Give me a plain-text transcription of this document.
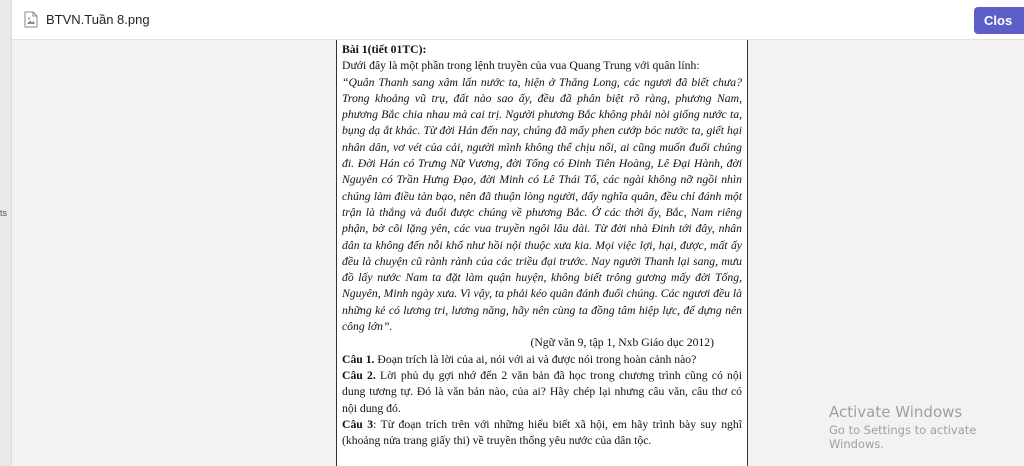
ts
BTVN.Tuần 8.png	Clos

Bài 1(tiết 01TC):

Dưới đây là một phần trong lệnh truyền của vua Quang Trung với quân lính:

“Quân Thanh sang xâm lấn nước ta, hiện ở Thăng Long, các ngươi đã biết chưa? Trong khoảng vũ trụ, đất nào sao ấy, đều đã phân biệt rõ ràng, phương Nam, phương Bắc chia nhau mà cai trị. Người phương Bắc không phải nòi giống nước ta, bụng dạ ắt khác. Từ đời Hán đến nay, chúng đã mấy phen cướp bóc nước ta, giết hại nhân dân, vơ vét của cải, người mình không thể chịu nổi, ai cũng muốn đuổi chúng đi. Đời Hán có Trưng Nữ Vương, đời Tống có Đinh Tiên Hoàng, Lê Đại Hành, đời Nguyên có Trần Hưng Đạo, đời Minh có Lê Thái Tổ, các ngài không nỡ ngồi nhìn chúng làm điều tàn bạo, nên đã thuận lòng người, dấy nghĩa quân, đều chỉ đánh một trận là thắng và đuổi được chúng về phương Bắc. Ở các thời ấy, Bắc, Nam riêng phận, bờ cõi lặng yên, các vua truyền ngôi lâu dài. Từ đời nhà Đinh tới đây, nhân dân ta không đến nỗi khổ như hồi nội thuộc xưa kia. Mọi việc lợi, hại, được, mất ấy đều là chuyện cũ rành rành của các triều đại trước. Nay người Thanh lại sang, mưu đồ lấy nước Nam ta đặt làm quận huyện, không biết trông gương mấy đời Tống, Nguyên, Minh ngày xưa. Vì vậy, ta phải kéo quân đánh đuổi chúng. Các ngươi đều là những kẻ có lương tri, lương năng, hãy nên cùng ta đồng tâm hiệp lực, để dựng nên công lớn”.

(Ngữ văn 9, tập 1, Nxb Giáo dục 2012)

Câu 1. Đoạn trích là lời của ai, nói với ai và được nói trong hoàn cảnh nào?

Câu 2. Lời phủ dụ gợi nhớ đến 2 văn bản đã học trong chương trình cũng có nội dung tương tự. Đó là văn bản nào, của ai? Hãy chép lại nhưng câu văn, câu thơ có nội dung đó.

Câu 3: Từ đoạn trích trên với những hiểu biết xã hội, em hãy trình bày suy nghĩ (khoảng nửa trang giấy thi) về truyền thống yêu nước của dân tộc.

Activate Windows
Go to Settings to activate Windows.
